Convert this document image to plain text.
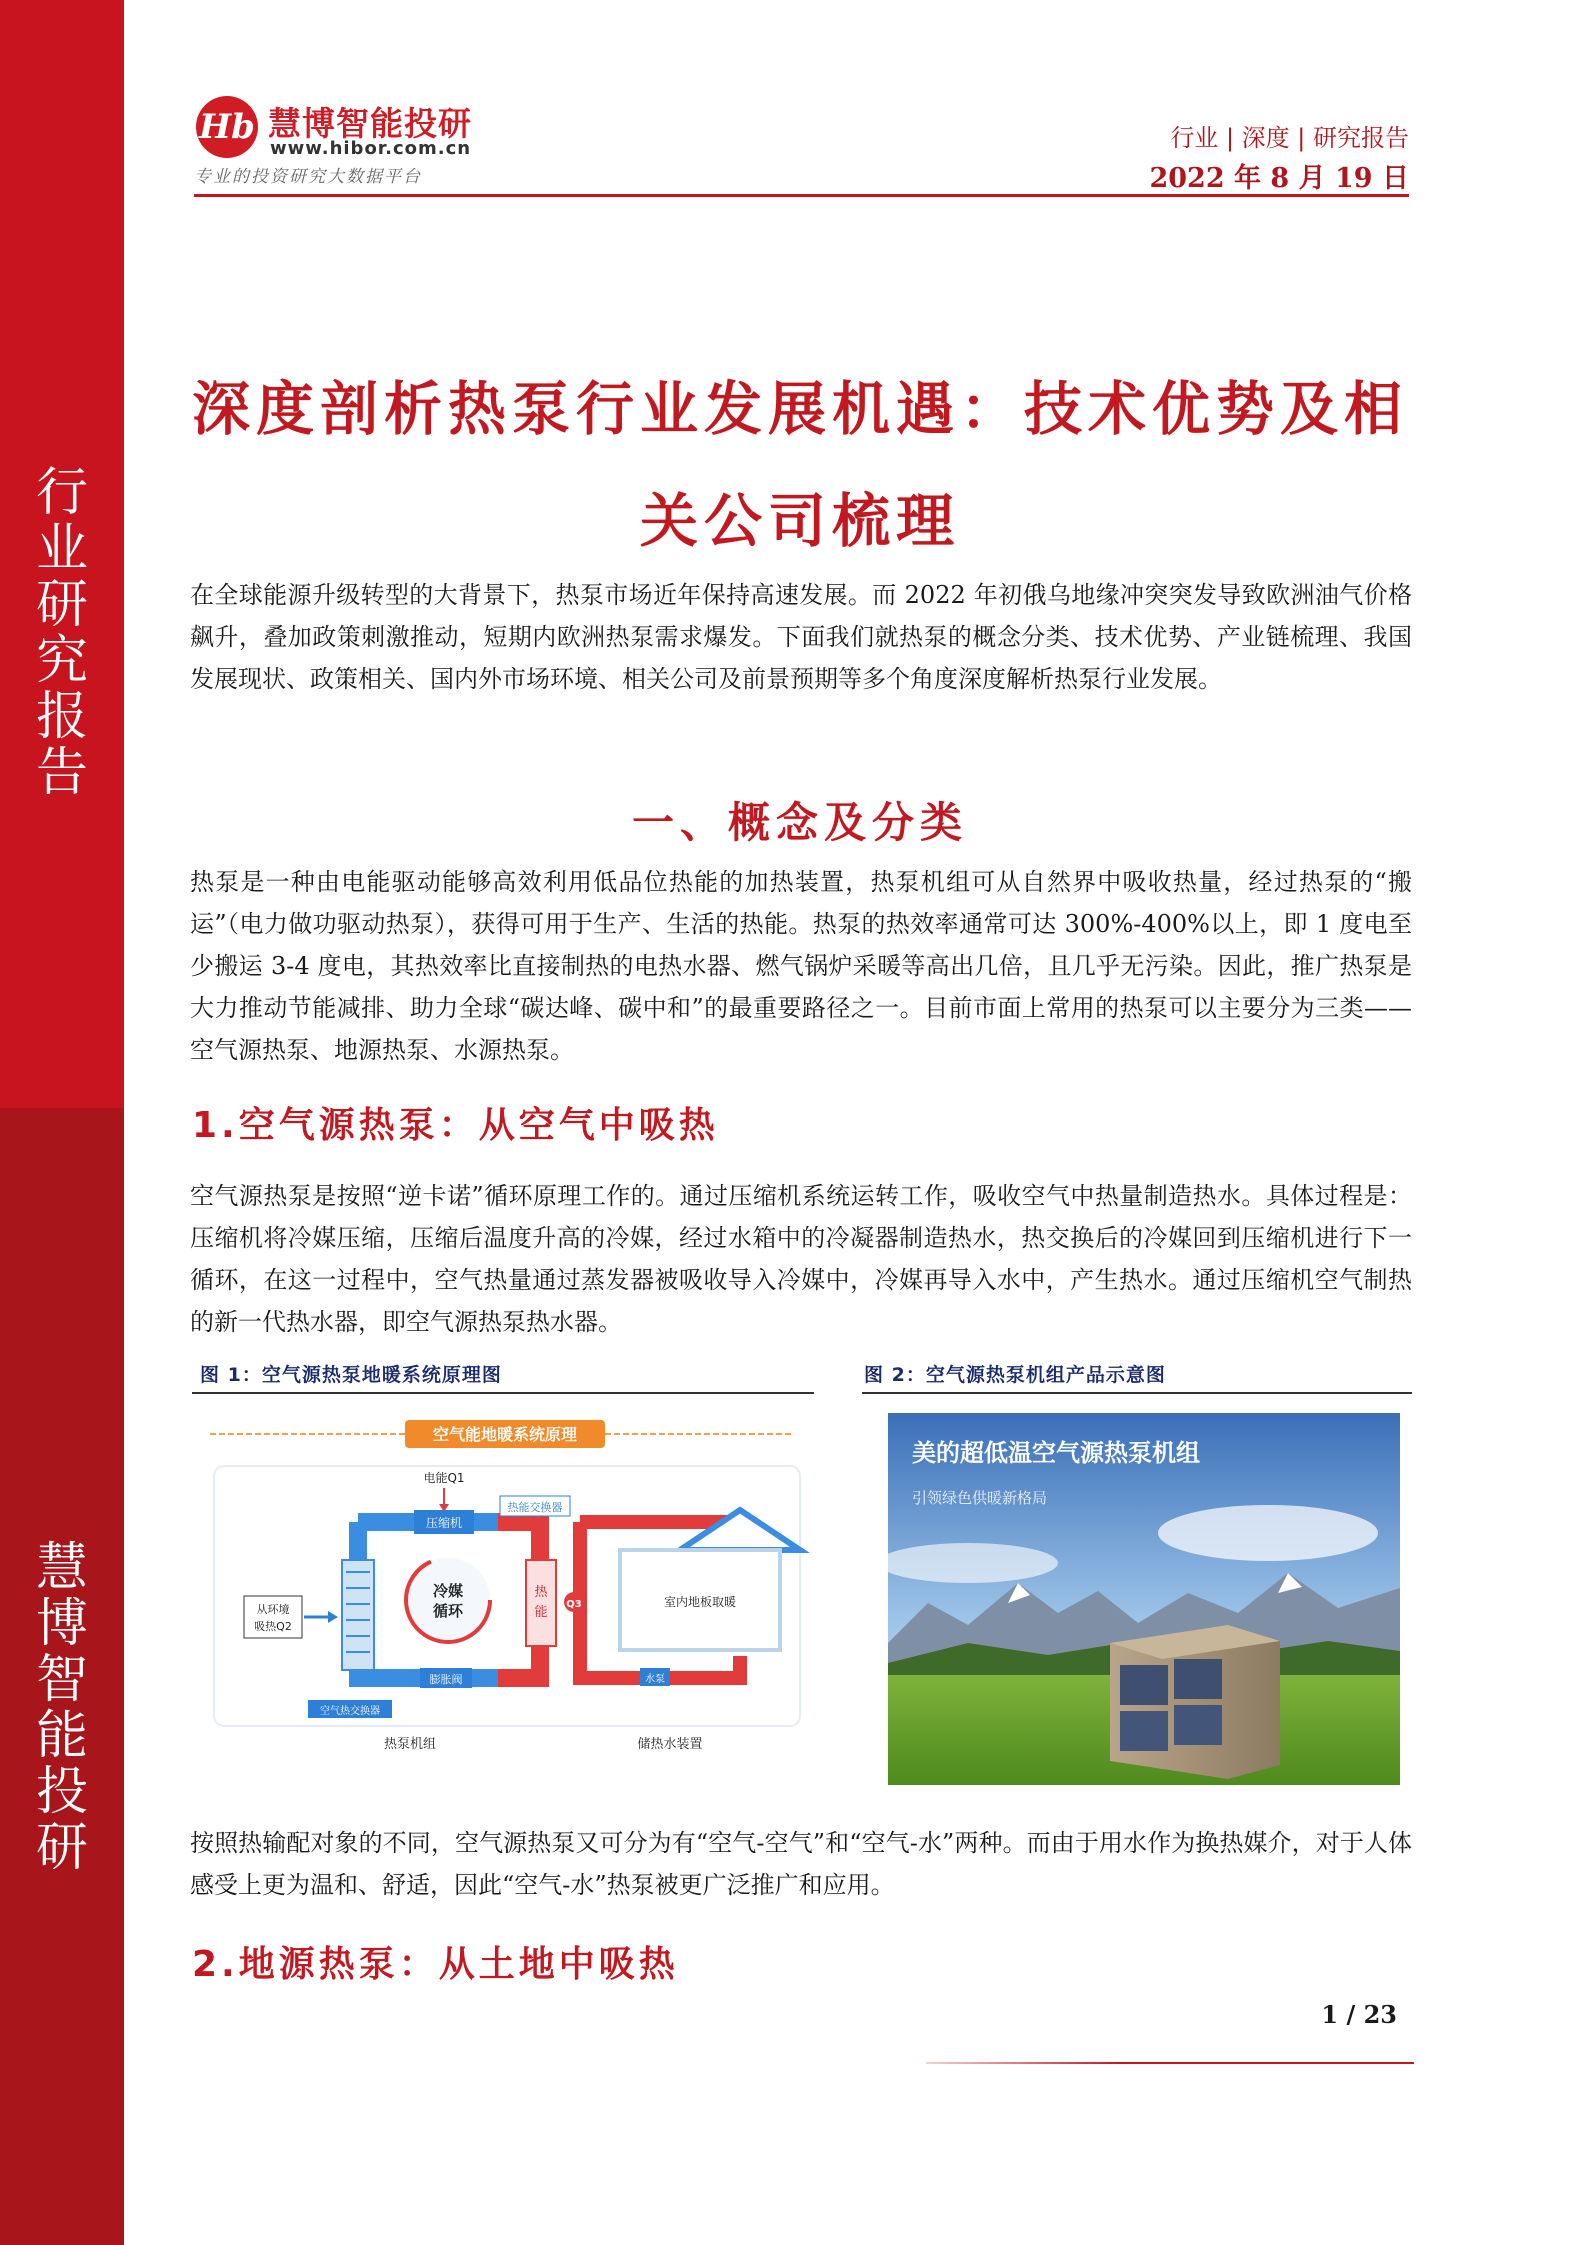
行
业
研
究
报
告
慧
博
智
能
投
研
Hb 慧博智能投研
www.hibor.com.cn
专业的投资研究大数据平台
行业 | 深度 | 研究报告
2022 年 8 月 19 日
深度剖析热泵行业发展机遇：技术优势及相
关公司梳理

在全球能源升级转型的大背景下，热泵市场近年保持高速发展。而 2022 年初俄乌地缘冲突突发导致欧洲油气价格飙升，叠加政策刺激推动，短期内欧洲热泵需求爆发。下面我们就热泵的概念分类、技术优势、产业链梳理、我国发展现状、政策相关、国内外市场环境、相关公司及前景预期等多个角度深度解析热泵行业发展。

一、概念及分类

热泵是一种由电能驱动能够高效利用低品位热能的加热装置，热泵机组可从自然界中吸收热量，经过热泵的“搬运”（电力做功驱动热泵），获得可用于生产、生活的热能。热泵的热效率通常可达 300%-400%以上，即 1 度电至少搬运 3-4 度电，其热效率比直接制热的电热水器、燃气锅炉采暖等高出几倍，且几乎无污染。因此，推广热泵是大力推动节能减排、助力全球“碳达峰、碳中和”的最重要路径之一。目前市面上常用的热泵可以主要分为三类——空气源热泵、地源热泵、水源热泵。

1.空气源热泵：从空气中吸热

空气源热泵是按照“逆卡诺”循环原理工作的。通过压缩机系统运转工作，吸收空气中热量制造热水。具体过程是：压缩机将冷媒压缩，压缩后温度升高的冷媒，经过水箱中的冷凝器制造热水，热交换后的冷媒回到压缩机进行下一循环，在这一过程中，空气热量通过蒸发器被吸收导入冷媒中，冷媒再导入水中，产生热水。通过压缩机空气制热的新一代热水器，即空气源热泵热水器。

图 1：空气源热泵地暖系统原理图	图 2：空气源热泵机组产品示意图
空气能地暖系统原理
从环境
吸热Q2
Q3
电能Q1
压缩机
热能交换器
冷媒
循环
热
能
膨胀阀
空气热交换器
室内地板取暖
水泵
热泵机组	储热水装置
美的超低温空气源热泵机组
引领绿色供暖新格局

按照热输配对象的不同，空气源热泵又可分为有“空气-空气”和“空气-水”两种。而由于用水作为换热媒介，对于人体感受上更为温和、舒适，因此“空气-水”热泵被更广泛推广和应用。

2.地源热泵：从土地中吸热
1 / 23
